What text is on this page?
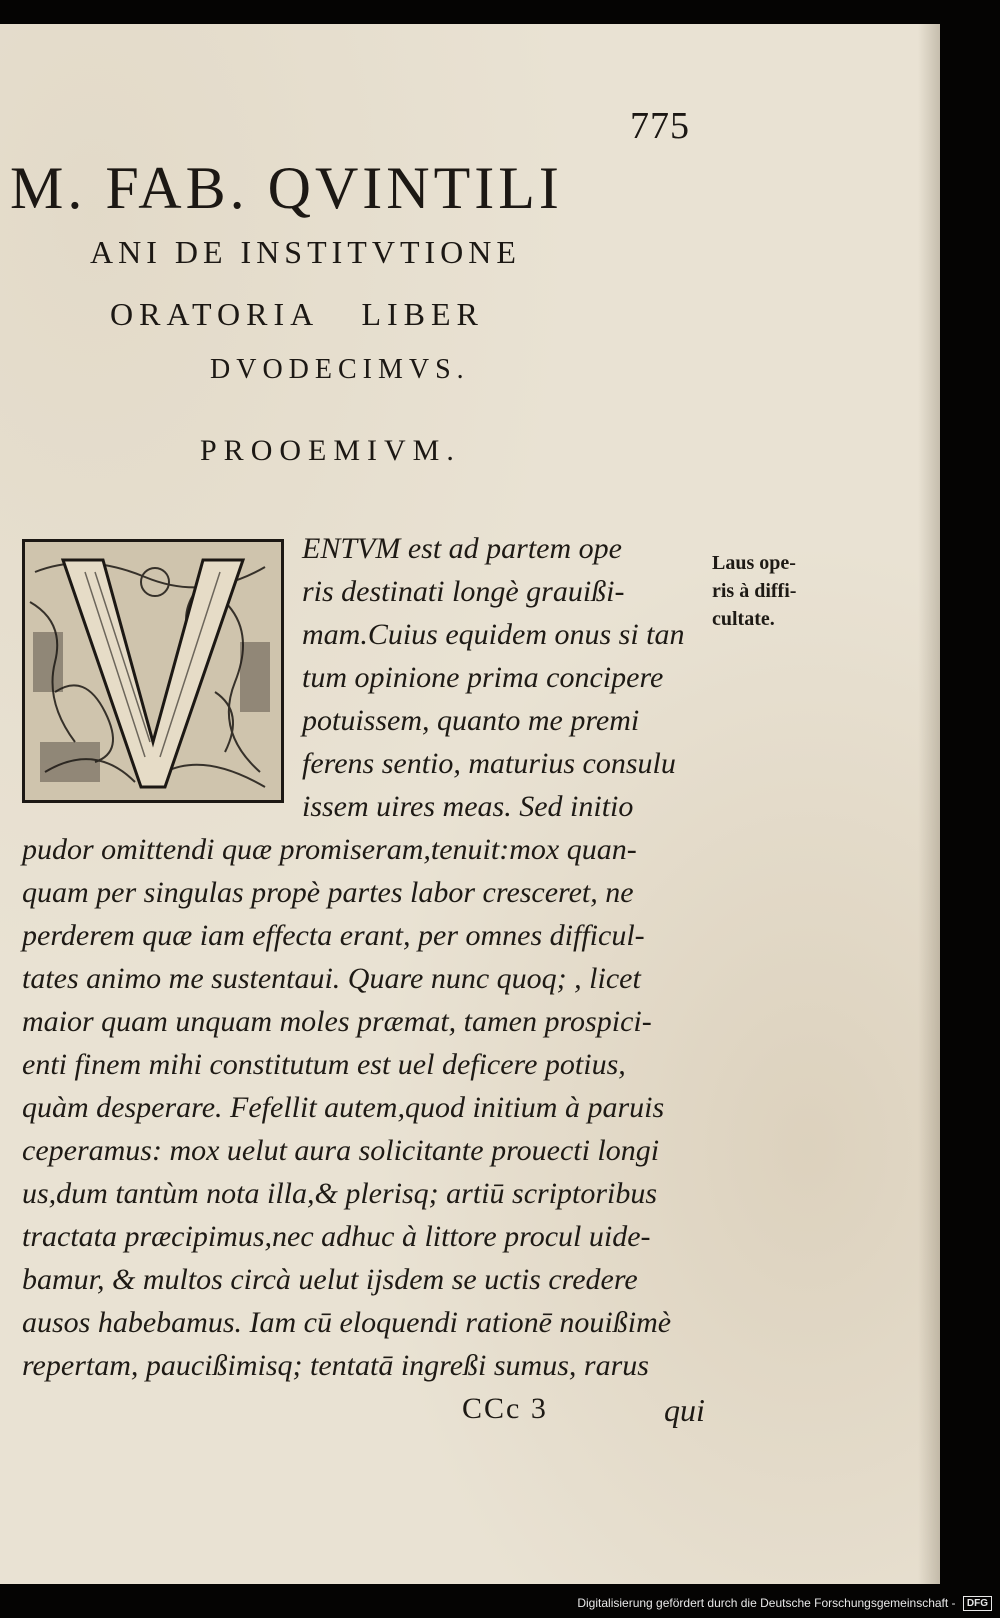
775
M. FAB. QVINTILI
ANI DE INSTITVTIONE
ORATORIA LIBER
DVODECIMVS.
PROOEMIVM.
ENTVM est ad partem ope
ris destinati longè grauißi-
mam.Cuius equidem onus si tan
tum opinione prima concipere
potuissem, quanto me premi
ferens sentio, maturius consulu
issem uires meas. Sed initio
pudor omittendi quæ promiseram,tenuit:mox quan-
quam per singulas propè partes labor cresceret, ne
perderem quæ iam effecta erant, per omnes difficul-
tates animo me sustentaui. Quare nunc quoq; , licet
maior quam unquam moles præmat, tamen prospici-
enti finem mihi constitutum est uel deficere potius,
quàm desperare. Fefellit autem,quod initium à paruis
ceperamus: mox uelut aura solicitante prouecti longi
us,dum tantùm nota illa,& plerisq; artiū scriptoribus
tractata præcipimus,nec adhuc à littore procul uide-
bamur, & multos circà uelut ijsdem se uctis credere
ausos habebamus. Iam cū eloquendi rationē nouißimè
repertam, paucißimisq; tentatā ingreßi sumus, rarus
Laus ope-
ris à diffi-
cultate.
CCc 3	qui
Digitalisierung gefördert durch die Deutsche Forschungsgemeinschaft - DFG
